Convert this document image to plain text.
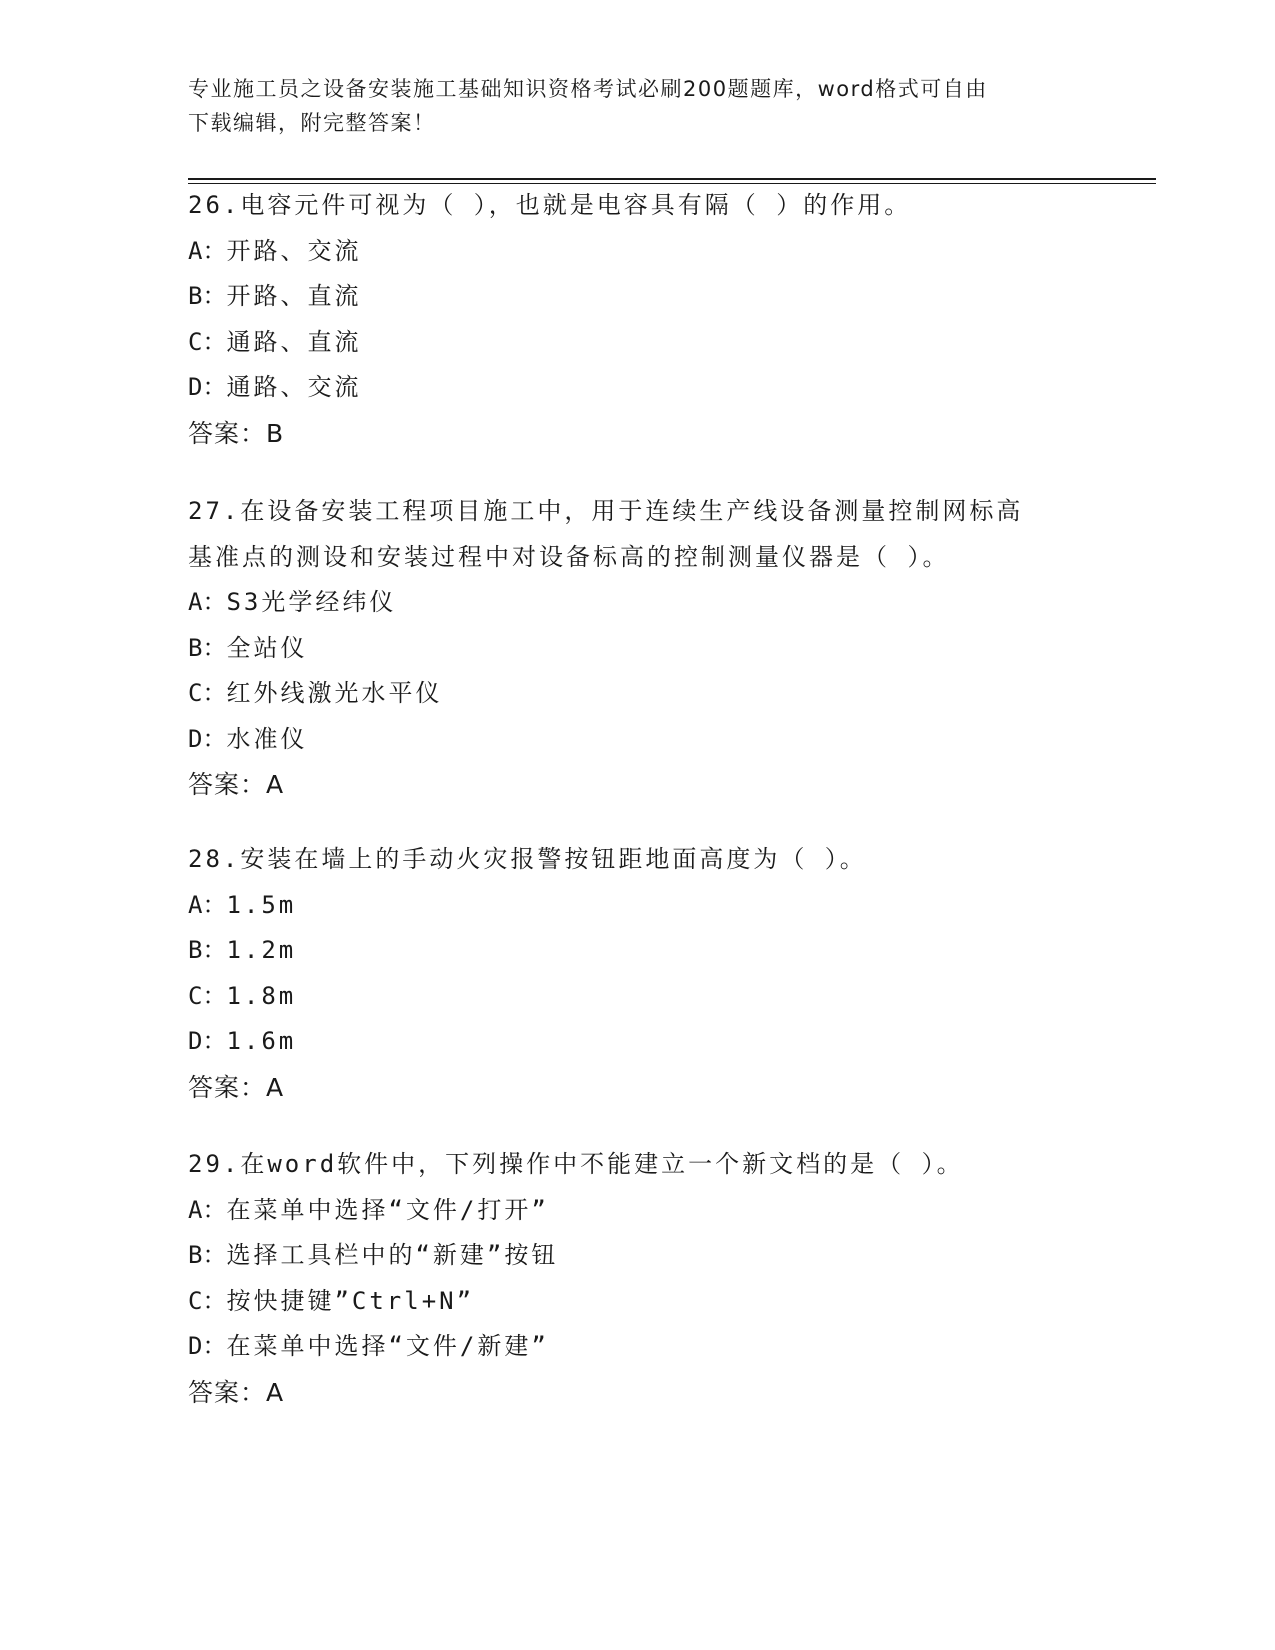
专业施工员之设备安装施工基础知识资格考试必刷200题题库，word格式可自由
下载编辑，附完整答案！

26.电容元件可视为（ ），也就是电容具有隔（ ）的作用。

A：开路、交流
B：开路、直流
C：通路、直流
D：通路、交流
答案：B

27.在设备安装工程项目施工中，用于连续生产线设备测量控制网标高基准点的测设和安装过程中对设备标高的控制测量仪器是（ ）。

A：S3光学经纬仪
B：全站仪
C：红外线激光水平仪
D：水准仪
答案：A

28.安装在墙上的手动火灾报警按钮距地面高度为（ ）。

A：1.5m
B：1.2m
C：1.8m
D：1.6m
答案：A

29.在word软件中，下列操作中不能建立一个新文档的是（ ）。

A：在菜单中选择“文件/打开”
B：选择工具栏中的“新建”按钮
C：按快捷键”Ctrl+N”
D：在菜单中选择“文件/新建”
答案：A
